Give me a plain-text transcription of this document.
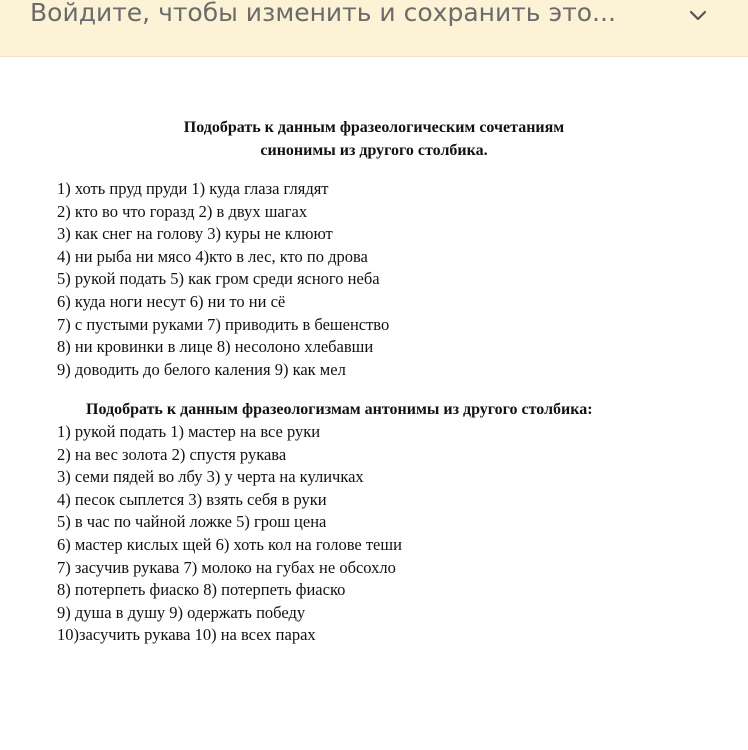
Войдите, чтобы изменить и сохранить это...
Подобрать к данным фразеологическим сочетаниям
синонимы из другого столбика.
1) хоть пруд пруди 1) куда глаза глядят
2) кто во что горазд 2) в двух шагах
3) как снег на голову 3) куры не клюют
4) ни рыба ни мясо 4)кто в лес, кто по дрова
5) рукой подать 5) как гром среди ясного неба
6) куда ноги несут 6) ни то ни сё
7) с пустыми руками 7) приводить в бешенство
8) ни кровинки в лице 8) несолоно хлебавши
9) доводить до белого каления 9) как мел
Подобрать к данным фразеологизмам антонимы из другого столбика:
1) рукой подать 1) мастер на все руки
2) на вес золота 2) спустя рукава
3) семи пядей во лбу 3) у черта на куличках
4) песок сыплется 3) взять себя в руки
5) в час по чайной ложке 5) грош цена
6) мастер кислых щей 6) хоть кол на голове теши
7) засучив рукава 7) молоко на губах не обсохло
8) потерпеть фиаско 8) потерпеть фиаско
9) душа в душу 9) одержать победу
10)засучить рукава 10) на всех парах
